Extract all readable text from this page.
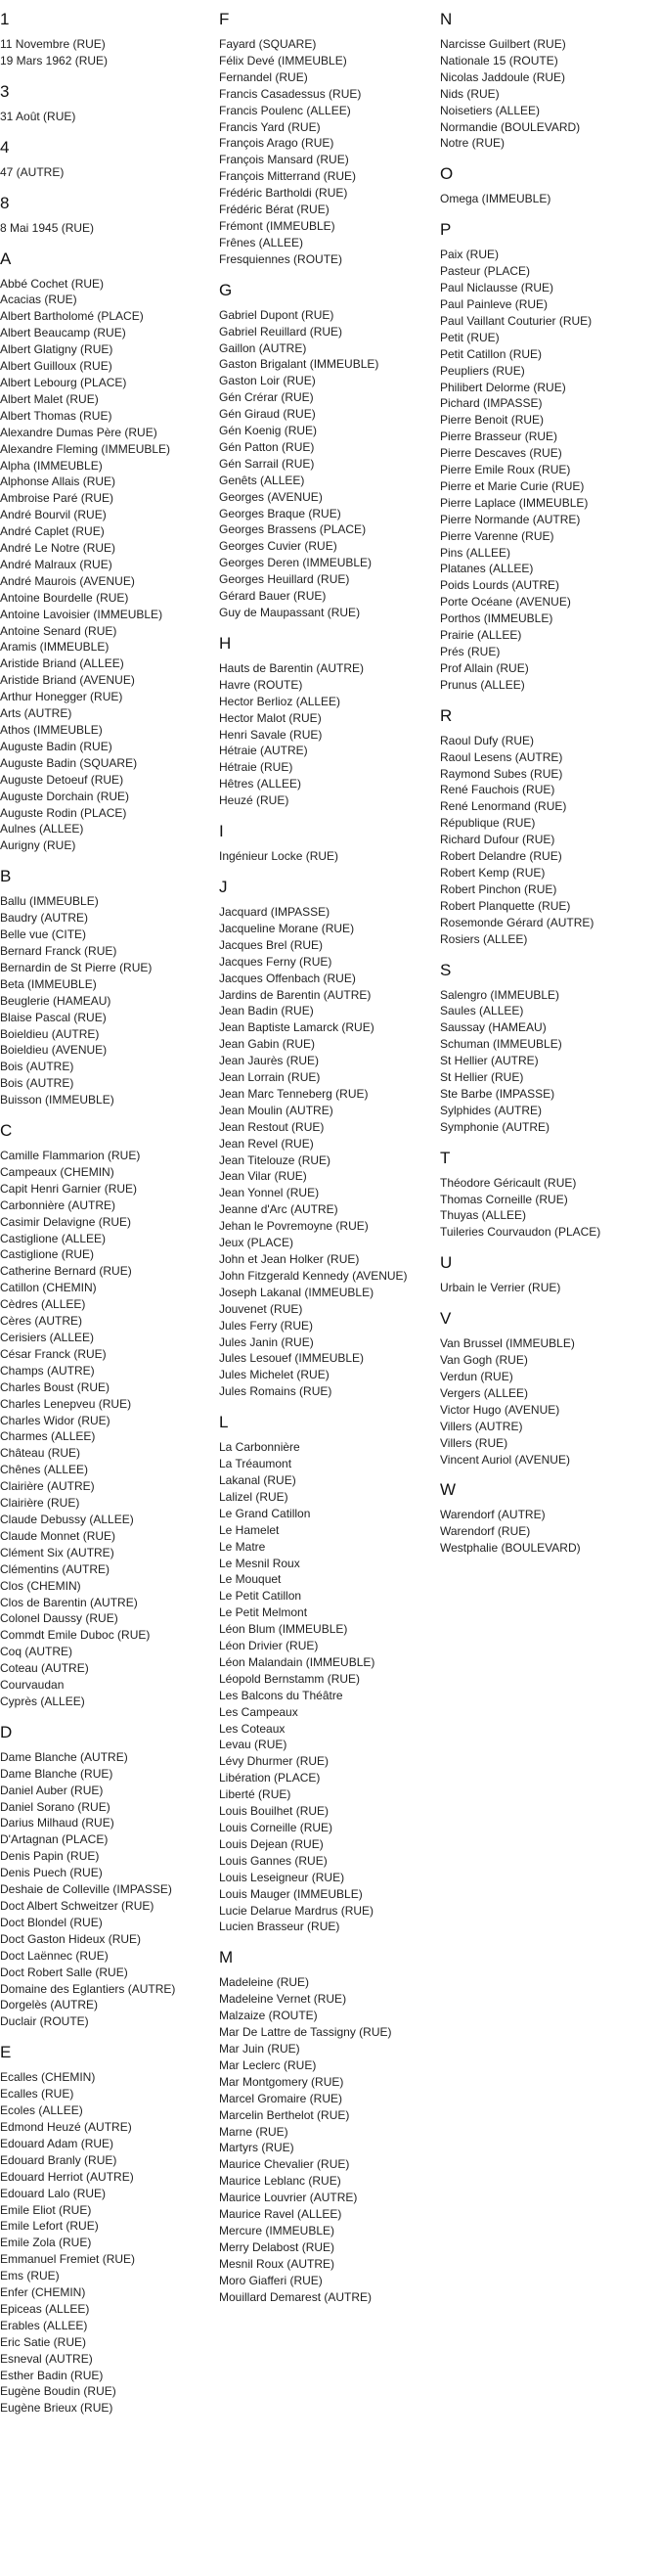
1
11 Novembre (RUE)
19 Mars 1962 (RUE)
3
31 Août (RUE)
4
47 (AUTRE)
8
8 Mai 1945 (RUE)
A
Abbé Cochet (RUE)
Acacias (RUE)
Albert Bartholomé (PLACE)
Albert Beaucamp (RUE)
Albert Glatigny (RUE)
Albert Guilloux (RUE)
Albert Lebourg (PLACE)
Albert Malet (RUE)
Albert Thomas (RUE)
Alexandre Dumas Père (RUE)
Alexandre Fleming (IMMEUBLE)
Alpha (IMMEUBLE)
Alphonse Allais (RUE)
Ambroise Paré (RUE)
André Bourvil (RUE)
André Caplet (RUE)
André Le Notre (RUE)
André Malraux (RUE)
André Maurois (AVENUE)
Antoine Bourdelle (RUE)
Antoine Lavoisier (IMMEUBLE)
Antoine Senard (RUE)
Aramis (IMMEUBLE)
Aristide Briand (ALLEE)
Aristide Briand (AVENUE)
Arthur Honegger (RUE)
Arts (AUTRE)
Athos (IMMEUBLE)
Auguste Badin (RUE)
Auguste Badin (SQUARE)
Auguste Detoeuf (RUE)
Auguste Dorchain (RUE)
Auguste Rodin (PLACE)
Aulnes (ALLEE)
Aurigny (RUE)
B
Ballu (IMMEUBLE)
Baudry (AUTRE)
Belle vue (CITE)
Bernard Franck (RUE)
Bernardin de St Pierre (RUE)
Beta (IMMEUBLE)
Beuglerie (HAMEAU)
Blaise Pascal (RUE)
Boieldieu (AUTRE)
Boieldieu (AVENUE)
Bois (AUTRE)
Bois (AUTRE)
Buisson (IMMEUBLE)
C
Camille Flammarion (RUE)
Campeaux (CHEMIN)
Capit Henri Garnier (RUE)
Carbonnière (AUTRE)
Casimir Delavigne (RUE)
Castiglione (ALLEE)
Castiglione (RUE)
Catherine Bernard (RUE)
Catillon (CHEMIN)
Cèdres (ALLEE)
Cères (AUTRE)
Cerisiers (ALLEE)
César Franck (RUE)
Champs (AUTRE)
Charles Boust (RUE)
Charles Lenepveu (RUE)
Charles Widor (RUE)
Charmes (ALLEE)
Château (RUE)
Chênes (ALLEE)
Clairière (AUTRE)
Clairière (RUE)
Claude Debussy (ALLEE)
Claude Monnet (RUE)
Clément Six (AUTRE)
Clémentins (AUTRE)
Clos (CHEMIN)
Clos de Barentin (AUTRE)
Colonel Daussy (RUE)
Commdt Emile Duboc (RUE)
Coq (AUTRE)
Coteau (AUTRE)
Courvaudan
Cyprès (ALLEE)
D
Dame Blanche (AUTRE)
Dame Blanche (RUE)
Daniel Auber (RUE)
Daniel Sorano (RUE)
Darius Milhaud (RUE)
D'Artagnan (PLACE)
Denis Papin (RUE)
Denis Puech (RUE)
Deshaie de Colleville (IMPASSE)
Doct Albert Schweitzer (RUE)
Doct Blondel (RUE)
Doct Gaston Hideux (RUE)
Doct Laënnec (RUE)
Doct Robert Salle (RUE)
Domaine des Eglantiers (AUTRE)
Dorgelès (AUTRE)
Duclair (ROUTE)
E
Ecalles (CHEMIN)
Ecalles (RUE)
Ecoles (ALLEE)
Edmond Heuzé (AUTRE)
Edouard Adam (RUE)
Edouard Branly (RUE)
Edouard Herriot (AUTRE)
Edouard Lalo (RUE)
Emile Eliot (RUE)
Emile Lefort (RUE)
Emile Zola (RUE)
Emmanuel Fremiet (RUE)
Ems (RUE)
Enfer (CHEMIN)
Epiceas (ALLEE)
Erables (ALLEE)
Eric Satie (RUE)
Esneval (AUTRE)
Esther Badin (RUE)
Eugène Boudin (RUE)
Eugène Brieux (RUE)
F
Fayard (SQUARE)
Félix Devé (IMMEUBLE)
Fernandel (RUE)
Francis Casadessus (RUE)
Francis Poulenc (ALLEE)
Francis Yard (RUE)
François Arago (RUE)
François Mansard (RUE)
François Mitterrand (RUE)
Frédéric Bartholdi (RUE)
Frédéric Bérat (RUE)
Frémont (IMMEUBLE)
Frênes (ALLEE)
Fresquiennes (ROUTE)
G
Gabriel Dupont (RUE)
Gabriel Reuillard (RUE)
Gaillon (AUTRE)
Gaston Brigalant (IMMEUBLE)
Gaston Loir (RUE)
Gén Crérar (RUE)
Gén Giraud (RUE)
Gén Koenig (RUE)
Gén Patton (RUE)
Gén Sarrail (RUE)
Genêts (ALLEE)
Georges (AVENUE)
Georges Braque (RUE)
Georges Brassens (PLACE)
Georges Cuvier (RUE)
Georges Deren (IMMEUBLE)
Georges Heuillard (RUE)
Gérard Bauer (RUE)
Guy de Maupassant (RUE)
H
Hauts de Barentin (AUTRE)
Havre (ROUTE)
Hector Berlioz (ALLEE)
Hector Malot (RUE)
Henri Savale (RUE)
Hétraie (AUTRE)
Hétraie (RUE)
Hêtres (ALLEE)
Heuzé (RUE)
I
Ingénieur Locke (RUE)
J
Jacquard (IMPASSE)
Jacqueline Morane (RUE)
Jacques Brel (RUE)
Jacques Ferny (RUE)
Jacques Offenbach (RUE)
Jardins de Barentin (AUTRE)
Jean Badin (RUE)
Jean Baptiste Lamarck (RUE)
Jean Gabin (RUE)
Jean Jaurès (RUE)
Jean Lorrain (RUE)
Jean Marc Tenneberg (RUE)
Jean Moulin (AUTRE)
Jean Restout (RUE)
Jean Revel (RUE)
Jean Titelouze (RUE)
Jean Vilar (RUE)
Jean Yonnel (RUE)
Jeanne d'Arc (AUTRE)
Jehan le Povremoyne (RUE)
Jeux (PLACE)
John et Jean Holker (RUE)
John Fitzgerald Kennedy (AVENUE)
Joseph Lakanal (IMMEUBLE)
Jouvenet (RUE)
Jules Ferry (RUE)
Jules Janin (RUE)
Jules Lesouef (IMMEUBLE)
Jules Michelet (RUE)
Jules Romains (RUE)
L
La Carbonnière
La Tréaumont
Lakanal (RUE)
Lalizel (RUE)
Le Grand Catillon
Le Hamelet
Le Matre
Le Mesnil Roux
Le Mouquet
Le Petit Catillon
Le Petit Melmont
Léon Blum (IMMEUBLE)
Léon Drivier (RUE)
Léon Malandain (IMMEUBLE)
Léopold Bernstamm (RUE)
Les Balcons du Théâtre
Les Campeaux
Les Coteaux
Levau (RUE)
Lévy Dhurmer (RUE)
Libération (PLACE)
Liberté (RUE)
Louis Bouilhet (RUE)
Louis Corneille (RUE)
Louis Dejean (RUE)
Louis Gannes (RUE)
Louis Leseigneur (RUE)
Louis Mauger (IMMEUBLE)
Lucie Delarue Mardrus (RUE)
Lucien Brasseur (RUE)
M
Madeleine (RUE)
Madeleine Vernet (RUE)
Malzaize (ROUTE)
Mar De Lattre de Tassigny (RUE)
Mar Juin (RUE)
Mar Leclerc (RUE)
Mar Montgomery (RUE)
Marcel Gromaire (RUE)
Marcelin Berthelot (RUE)
Marne (RUE)
Martyrs (RUE)
Maurice Chevalier (RUE)
Maurice Leblanc (RUE)
Maurice Louvrier (AUTRE)
Maurice Ravel (ALLEE)
Mercure (IMMEUBLE)
Merry Delabost (RUE)
Mesnil Roux (AUTRE)
Moro Giafferi (RUE)
Mouillard Demarest (AUTRE)
N
Narcisse Guilbert (RUE)
Nationale 15 (ROUTE)
Nicolas Jaddoule (RUE)
Nids (RUE)
Noisetiers (ALLEE)
Normandie (BOULEVARD)
Notre (RUE)
O
Omega (IMMEUBLE)
P
Paix (RUE)
Pasteur (PLACE)
Paul Niclausse (RUE)
Paul Painleve (RUE)
Paul Vaillant Couturier (RUE)
Petit (RUE)
Petit Catillon (RUE)
Peupliers (RUE)
Philibert Delorme (RUE)
Pichard (IMPASSE)
Pierre Benoit (RUE)
Pierre Brasseur (RUE)
Pierre Descaves (RUE)
Pierre Emile Roux (RUE)
Pierre et Marie Curie (RUE)
Pierre Laplace (IMMEUBLE)
Pierre Normande (AUTRE)
Pierre Varenne (RUE)
Pins (ALLEE)
Platanes (ALLEE)
Poids Lourds (AUTRE)
Porte Océane (AVENUE)
Porthos (IMMEUBLE)
Prairie (ALLEE)
Prés (RUE)
Prof Allain (RUE)
Prunus (ALLEE)
R
Raoul Dufy (RUE)
Raoul Lesens (AUTRE)
Raymond Subes (RUE)
René Fauchois (RUE)
René Lenormand (RUE)
République (RUE)
Richard Dufour (RUE)
Robert Delandre (RUE)
Robert Kemp (RUE)
Robert Pinchon (RUE)
Robert Planquette (RUE)
Rosemonde Gérard (AUTRE)
Rosiers (ALLEE)
S
Salengro (IMMEUBLE)
Saules (ALLEE)
Saussay (HAMEAU)
Schuman (IMMEUBLE)
St Hellier (AUTRE)
St Hellier (RUE)
Ste Barbe (IMPASSE)
Sylphides (AUTRE)
Symphonie (AUTRE)
T
Théodore Géricault (RUE)
Thomas Corneille (RUE)
Thuyas (ALLEE)
Tuileries Courvaudon (PLACE)
U
Urbain le Verrier (RUE)
V
Van Brussel (IMMEUBLE)
Van Gogh (RUE)
Verdun (RUE)
Vergers (ALLEE)
Victor Hugo (AVENUE)
Villers (AUTRE)
Villers (RUE)
Vincent Auriol (AVENUE)
W
Warendorf (AUTRE)
Warendorf (RUE)
Westphalie (BOULEVARD)
